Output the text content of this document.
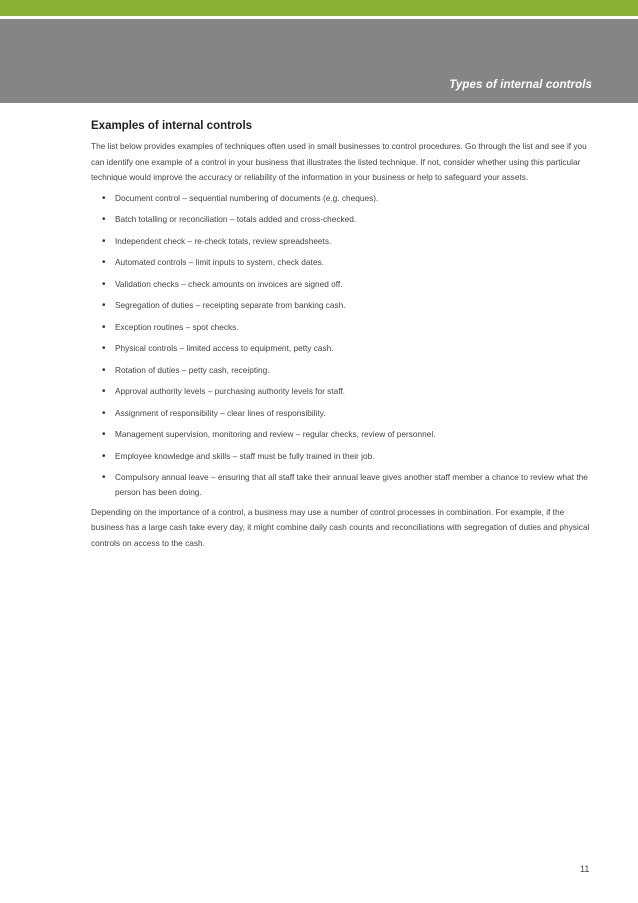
Types of internal controls
Examples of internal controls

The list below provides examples of techniques often used in small businesses to control procedures. Go through the list and see if you can identify one example of a control in your business that illustrates the listed technique. If not, consider whether using this particular technique would improve the accuracy or reliability of the information in your business or help to safeguard your assets.

• Document control – sequential numbering of documents (e.g. cheques).
• Batch totalling or reconciliation – totals added and cross-checked.
• Independent check – re-check totals, review spreadsheets.
• Automated controls – limit inputs to system, check dates.
• Validation checks – check amounts on invoices are signed off.
• Segregation of duties – receipting separate from banking cash.
• Exception routines – spot checks.
• Physical controls – limited access to equipment, petty cash.
• Rotation of duties – petty cash, receipting.
• Approval authority levels – purchasing authority levels for staff.
• Assignment of responsibility – clear lines of responsibility.
• Management supervision, monitoring and review – regular checks, review of personnel.
• Employee knowledge and skills – staff must be fully trained in their job.
• Compulsory annual leave – ensuring that all staff take their annual leave gives another staff member a chance to review what the person has been doing.

Depending on the importance of a control, a business may use a number of control processes in combination. For example, if the business has a large cash take every day, it might combine daily cash counts and reconciliations with segregation of duties and physical controls on access to the cash.

11
